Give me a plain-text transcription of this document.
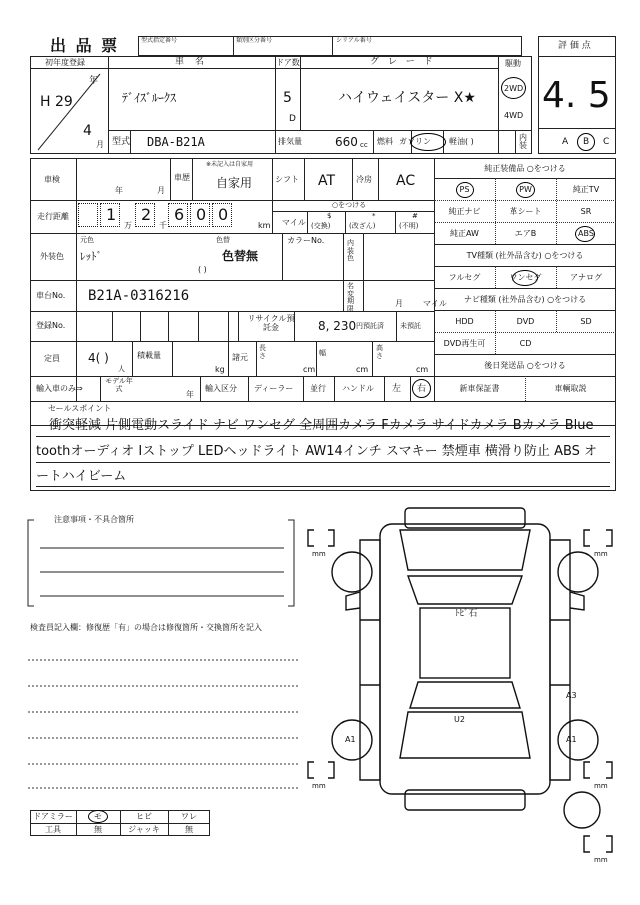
出 品 票	型式指定番号	類別区分番号	シリアル番号
評 価 点
4. 5
初年度登録
年
H 29
4
月
車 名
ﾃﾞｲｽﾞﾙｰｸｽ
型式 DBA-B21A
ドア数
5
D
排気量	660 cc
グ レ ー ド
ハイウェイスター X★
燃料 ガソリン 軽油 ( )
駆動
2WD
4WD
内装	A B C
車検
年	月
車歴
※未記入は自家用
自家用	シフト AT	冷房 AC
走行距離 1
万
2
千
6 0 0
km マイル
○をつける
$
(交換)
*
(改ざん)
#
(不明)
外装色
元色
ﾚｯﾄﾞ
色替
色替無
( )
カラーNo.	内装色
車台No. B21A-0316216
名変期限
月	マイル
登録No.
リサイクル預託金	8, 230 円預託済 未預託
定員 4( )
人
積載量
kg
諸元
長さ
cm
幅
cm
高さ
cm
輸入車のみ⇒
モデル年式
年
輸入区分 ディーラー 並行 ハンドル 左 右
純正装備品 ○をつける
PS	PW	純正TV
純正ナビ	革シート	SR
純正AW	エアB	ABS
TV種類 (社外品含む) ○をつける
フルセグ	ワンセグ	アナログ
ナビ種類 (社外品含む) ○をつける
HDD	DVD	SD
DVD再生可	CD
後日発送品 ○をつける
新車保証書	車輌取説
セールスポイント
衝突軽減 片側電動スライド ナビ ワンセグ 全周囲カメラ Fカメラ サイドカメラ Bカメラ Blue
toothオーディオ Iストップ LEDヘッドライト AW14インチ スマキー 禁煙車 横滑り防止 ABS オ
ートハイビーム
注意事項・不具合箇所
検査員記入欄：修復歴「有」の場合は修復箇所・交換箇所を記入
ドアミラー	モ	ヒビ	ワレ
工具	無	ジャッキ	無
mm	mm
mm	mm
mm
ﾄﾋﾞ石
A1	A1
U2
A3
